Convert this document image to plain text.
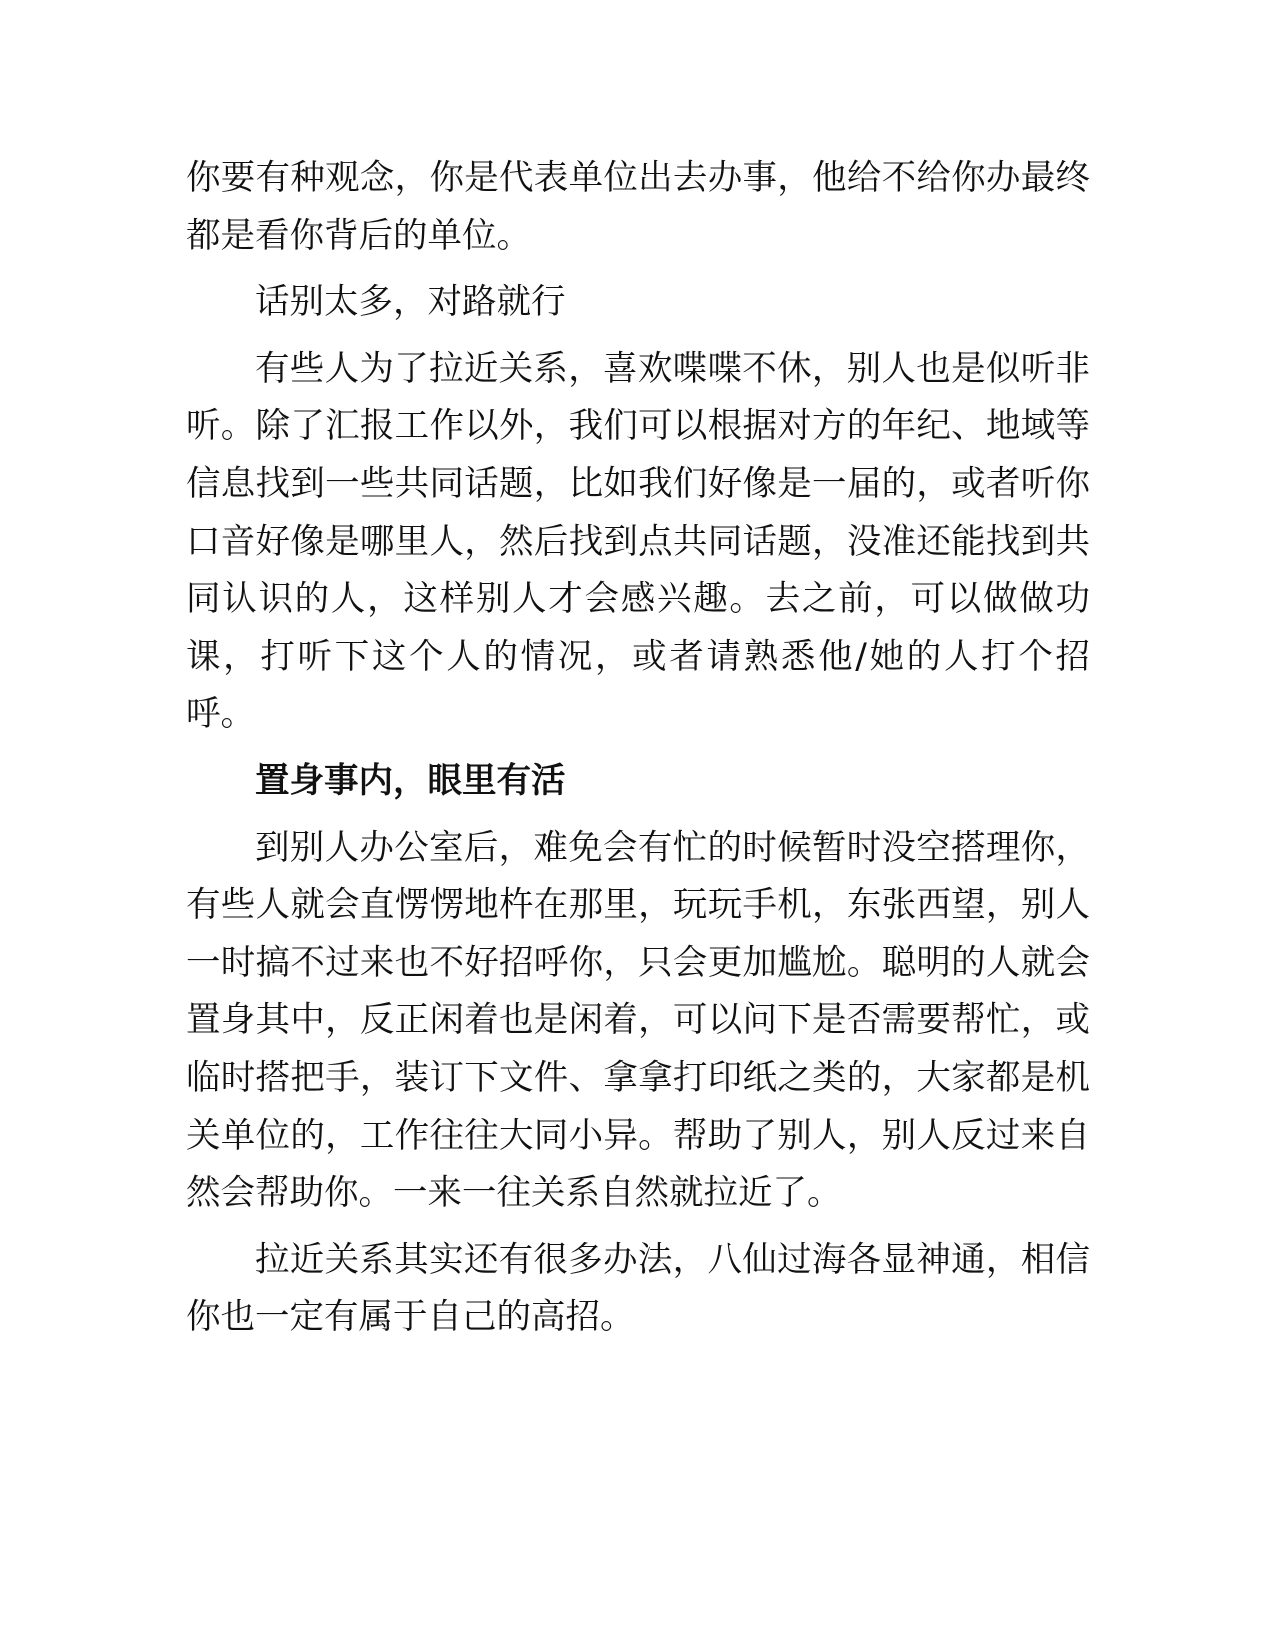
你要有种观念，你是代表单位出去办事，他给不给你办最终都是看你背后的单位。

话别太多，对路就行

有些人为了拉近关系，喜欢喋喋不休，别人也是似听非听。除了汇报工作以外，我们可以根据对方的年纪、地域等信息找到一些共同话题，比如我们好像是一届的，或者听你口音好像是哪里人，然后找到点共同话题，没准还能找到共同认识的人，这样别人才会感兴趣。去之前，可以做做功课，打听下这个人的情况，或者请熟悉他/她的人打个招呼。

置身事内，眼里有活

到别人办公室后，难免会有忙的时候暂时没空搭理你，有些人就会直愣愣地杵在那里，玩玩手机，东张西望，别人一时搞不过来也不好招呼你，只会更加尴尬。聪明的人就会置身其中，反正闲着也是闲着，可以问下是否需要帮忙，或临时搭把手，装订下文件、拿拿打印纸之类的，大家都是机关单位的，工作往往大同小异。帮助了别人，别人反过来自然会帮助你。一来一往关系自然就拉近了。

拉近关系其实还有很多办法，八仙过海各显神通，相信你也一定有属于自己的高招。
